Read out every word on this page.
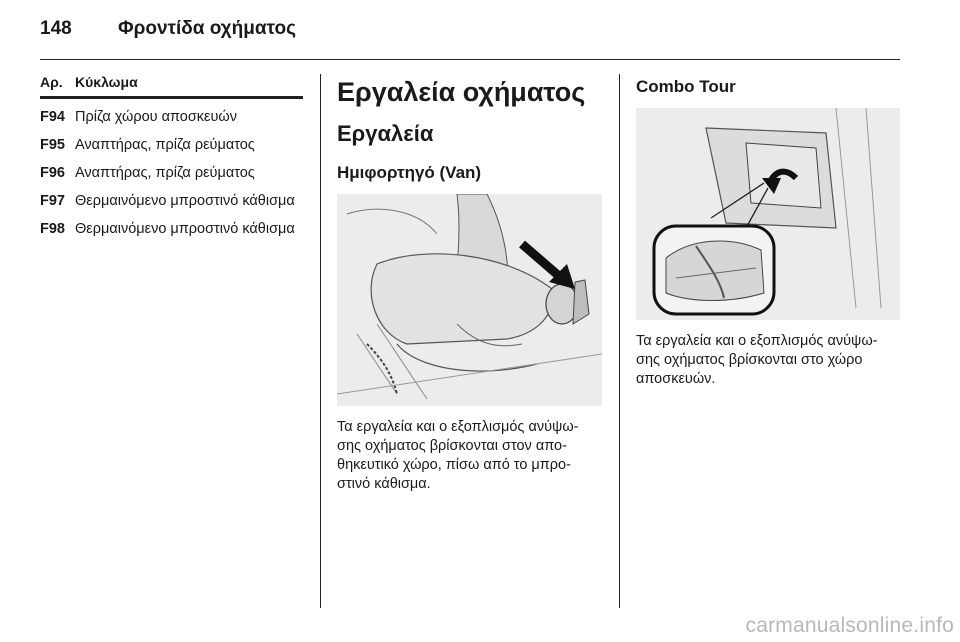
148 Φροντίδα οχήματος
Αρ. Κύκλωμα
F94 Πρίζα χώρου αποσκευών
F95 Αναπτήρας, πρίζα ρεύματος
F96 Αναπτήρας, πρίζα ρεύματος
F97 Θερμαινόμενο μπροστινό κάθισμα
F98 Θερμαινόμενο μπροστινό κάθισμα
Εργαλεία οχήματος
Εργαλεία
Ημιφορτηγό (Van)
Τα εργαλεία και ο εξοπλισμός ανύψω-σης οχήματος βρίσκονται στον απο-θηκευτικό χώρο, πίσω από το μπρο-στινό κάθισμα.
Combo Tour
Τα εργαλεία και ο εξοπλισμός ανύψω-σης οχήματος βρίσκονται στο χώρο αποσκευών.
carmanualsonline.info
